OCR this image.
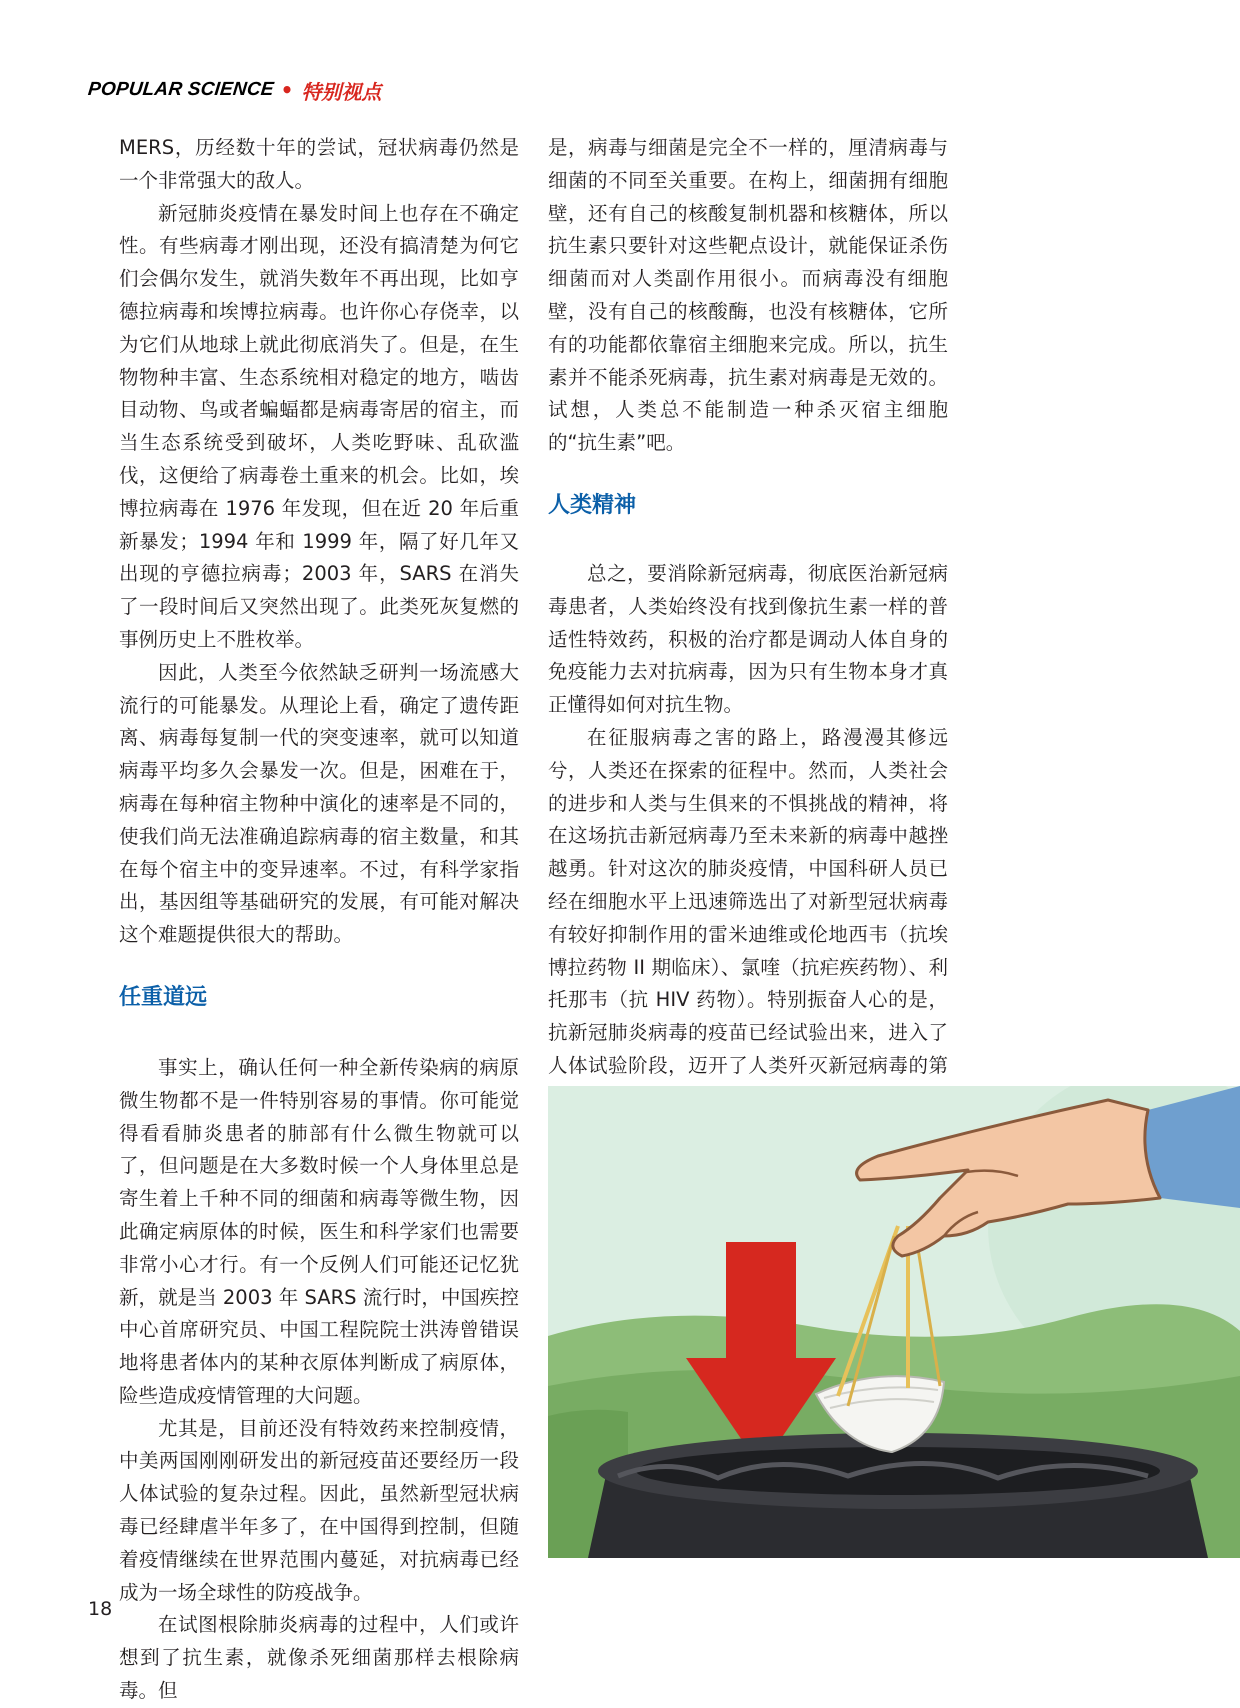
POPULAR SCIENCE • 特别视点

MERS，历经数十年的尝试，冠状病毒仍然是一个非常强大的敌人。

新冠肺炎疫情在暴发时间上也存在不确定性。有些病毒才刚出现，还没有搞清楚为何它们会偶尔发生，就消失数年不再出现，比如亨德拉病毒和埃博拉病毒。也许你心存侥幸，以为它们从地球上就此彻底消失了。但是，在生物物种丰富、生态系统相对稳定的地方，啮齿目动物、鸟或者蝙蝠都是病毒寄居的宿主，而当生态系统受到破坏，人类吃野味、乱砍滥伐，这便给了病毒卷土重来的机会。比如，埃博拉病毒在 1976 年发现，但在近 20 年后重新暴发；1994 年和 1999 年，隔了好几年又出现的亨德拉病毒；2003 年，SARS 在消失了一段时间后又突然出现了。此类死灰复燃的事例历史上不胜枚举。

因此，人类至今依然缺乏研判一场流感大流行的可能暴发。从理论上看，确定了遗传距离、病毒每复制一代的突变速率，就可以知道病毒平均多久会暴发一次。但是，困难在于，病毒在每种宿主物种中演化的速率是不同的，使我们尚无法准确追踪病毒的宿主数量，和其在每个宿主中的变异速率。不过，有科学家指出，基因组等基础研究的发展，有可能对解决这个难题提供很大的帮助。

任重道远

事实上，确认任何一种全新传染病的病原微生物都不是一件特别容易的事情。你可能觉得看看肺炎患者的肺部有什么微生物就可以了，但问题是在大多数时候一个人身体里总是寄生着上千种不同的细菌和病毒等微生物，因此确定病原体的时候，医生和科学家们也需要非常小心才行。有一个反例人们可能还记忆犹新，就是当 2003 年 SARS 流行时，中国疾控中心首席研究员、中国工程院院士洪涛曾错误地将患者体内的某种衣原体判断成了病原体，险些造成疫情管理的大问题。

尤其是，目前还没有特效药来控制疫情，中美两国刚刚研发出的新冠疫苗还要经历一段人体试验的复杂过程。因此，虽然新型冠状病毒已经肆虐半年多了，在中国得到控制，但随着疫情继续在世界范围内蔓延，对抗病毒已经成为一场全球性的防疫战争。

在试图根除肺炎病毒的过程中，人们或许想到了抗生素，就像杀死细菌那样去根除病毒。但

是，病毒与细菌是完全不一样的，厘清病毒与细菌的不同至关重要。在构上，细菌拥有细胞壁，还有自己的核酸复制机器和核糖体，所以抗生素只要针对这些靶点设计，就能保证杀伤细菌而对人类副作用很小。而病毒没有细胞壁，没有自己的核酸酶，也没有核糖体，它所有的功能都依靠宿主细胞来完成。所以，抗生素并不能杀死病毒，抗生素对病毒是无效的。试想，人类总不能制造一种杀灭宿主细胞的“抗生素”吧。

人类精神

总之，要消除新冠病毒，彻底医治新冠病毒患者，人类始终没有找到像抗生素一样的普适性特效药，积极的治疗都是调动人体自身的免疫能力去对抗病毒，因为只有生物本身才真正懂得如何对抗生物。

在征服病毒之害的路上，路漫漫其修远兮，人类还在探索的征程中。然而，人类社会的进步和人类与生俱来的不惧挑战的精神，将在这场抗击新冠病毒乃至未来新的病毒中越挫越勇。针对这次的肺炎疫情，中国科研人员已经在细胞水平上迅速筛选出了对新型冠状病毒有较好抑制作用的雷米迪维或伦地西韦（抗埃博拉药物 II 期临床）、氯喹（抗疟疾药物）、利托那韦（抗 HIV 药物）。特别振奋人心的是，抗新冠肺炎病毒的疫苗已经试验出来，进入了人体试验阶段，迈开了人类歼灭新冠病毒的第

18
